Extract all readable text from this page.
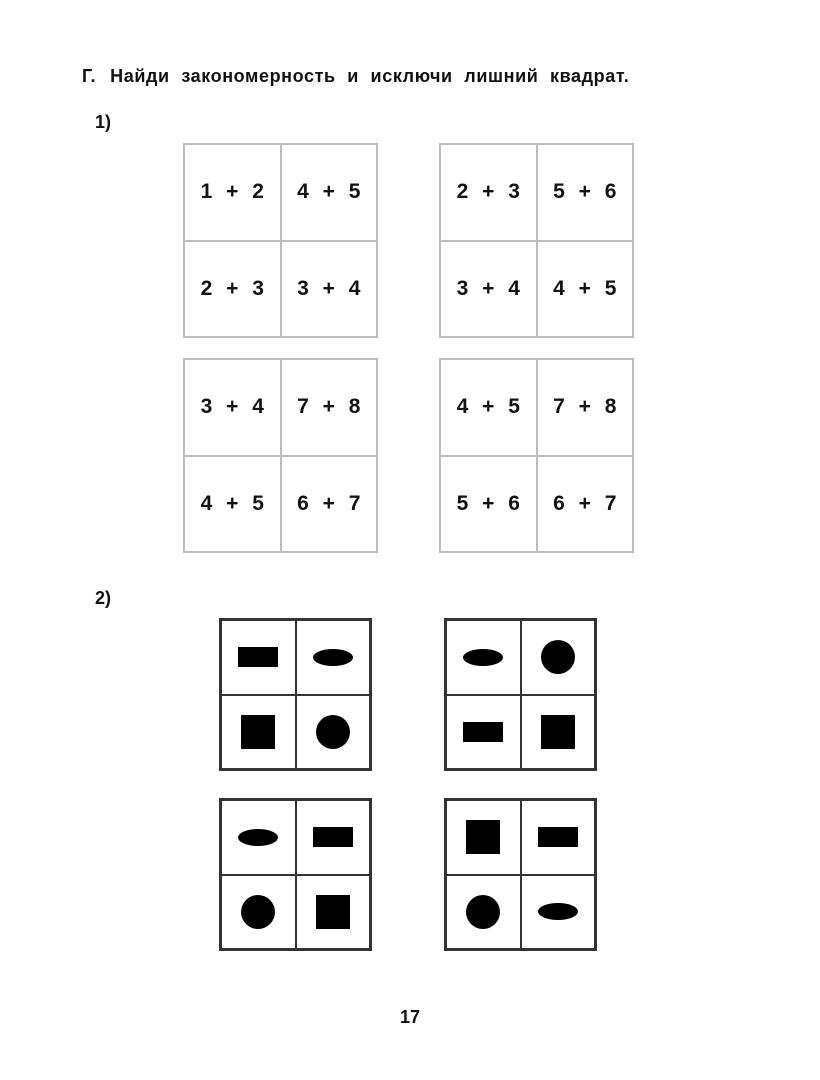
Г. Найди закономерность и исключи лишний квадрат.
1)
1 + 2	4 + 5
2 + 3	3 + 4
2 + 3	5 + 6
3 + 4	4 + 5
3 + 4	7 + 8
4 + 5	6 + 7
4 + 5	7 + 8
5 + 6	6 + 7
2)
17
